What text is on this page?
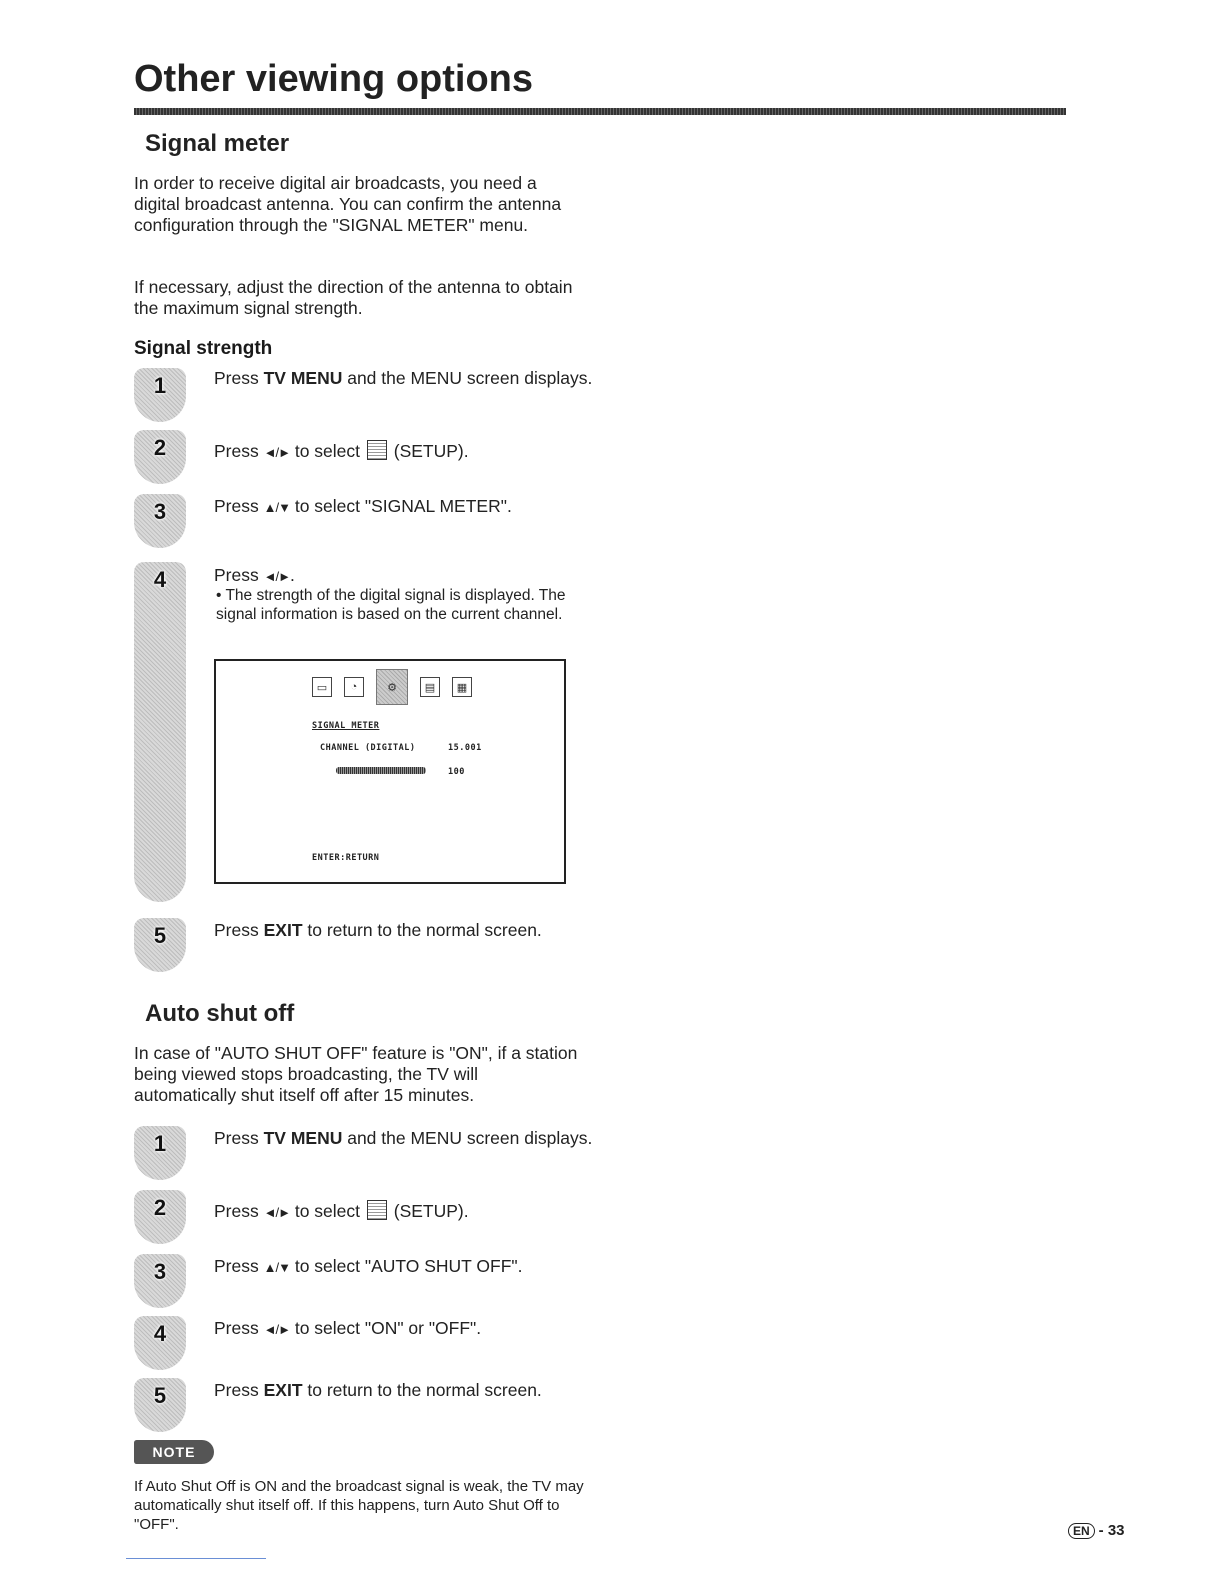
Other viewing options
Signal meter

In order to receive digital air broadcasts, you need a digital broadcast antenna. You can confirm the antenna configuration through the "SIGNAL METER" menu.

If necessary, adjust the direction of the antenna to obtain the maximum signal strength.

Signal strength
1	Press TV MENU and the MENU screen displays.

2	Press ◄/► to select  (SETUP).

3	Press ▲/▼ to select "SIGNAL METER".

4	Press ◄/►.

• The strength of the digital signal is displayed. The signal information is based on the current channel.

▭	◔	⚙	▤	▦
SIGNAL METER
CHANNEL (DIGITAL)	15.001
100
ENTER:RETURN
5	Press EXIT to return to the normal screen.

Auto shut off

In case of "AUTO SHUT OFF" feature is "ON", if a station being viewed stops broadcasting, the TV will automatically shut itself off after 15 minutes.

1	Press TV MENU and the MENU screen displays.

2	Press ◄/► to select  (SETUP).

3	Press ▲/▼ to select "AUTO SHUT OFF".

4	Press ◄/► to select "ON" or "OFF".

5	Press EXIT to return to the normal screen.

NOTE

If Auto Shut Off is ON and the broadcast signal is weak, the TV may automatically shut itself off. If this happens, turn Auto Shut Off to "OFF".	EN - 33
